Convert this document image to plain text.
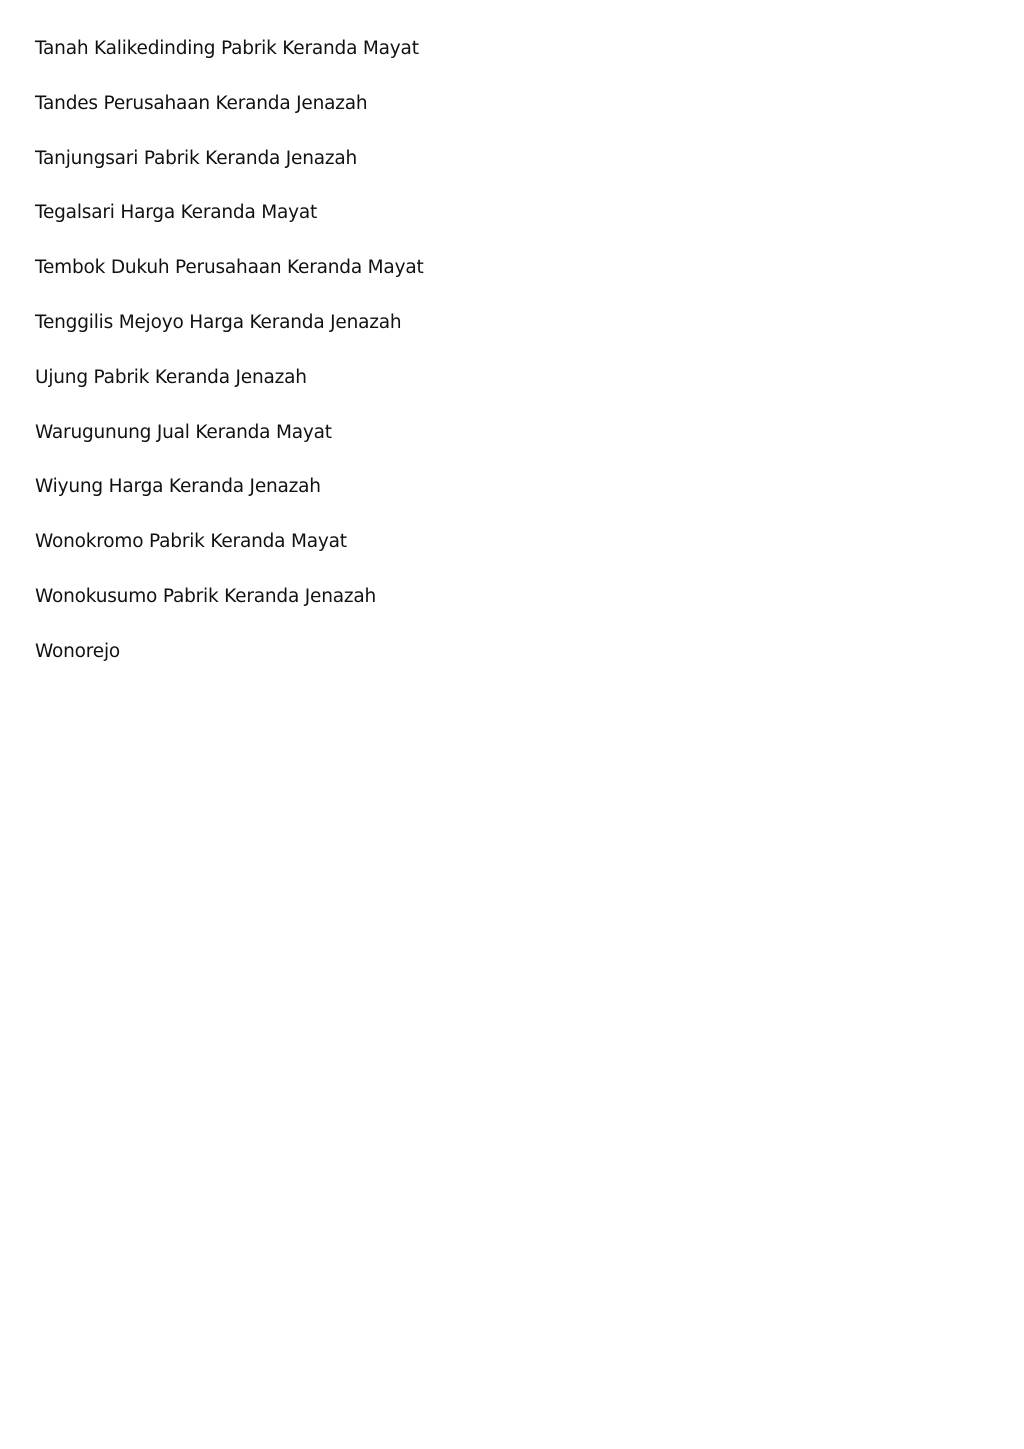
Tanah Kalikedinding Pabrik Keranda Mayat
Tandes Perusahaan Keranda Jenazah
Tanjungsari Pabrik Keranda Jenazah
Tegalsari Harga Keranda Mayat
Tembok Dukuh Perusahaan Keranda Mayat
Tenggilis Mejoyo Harga Keranda Jenazah
Ujung Pabrik Keranda Jenazah
Warugunung Jual Keranda Mayat
Wiyung Harga Keranda Jenazah
Wonokromo Pabrik Keranda Mayat
Wonokusumo Pabrik Keranda Jenazah
Wonorejo
